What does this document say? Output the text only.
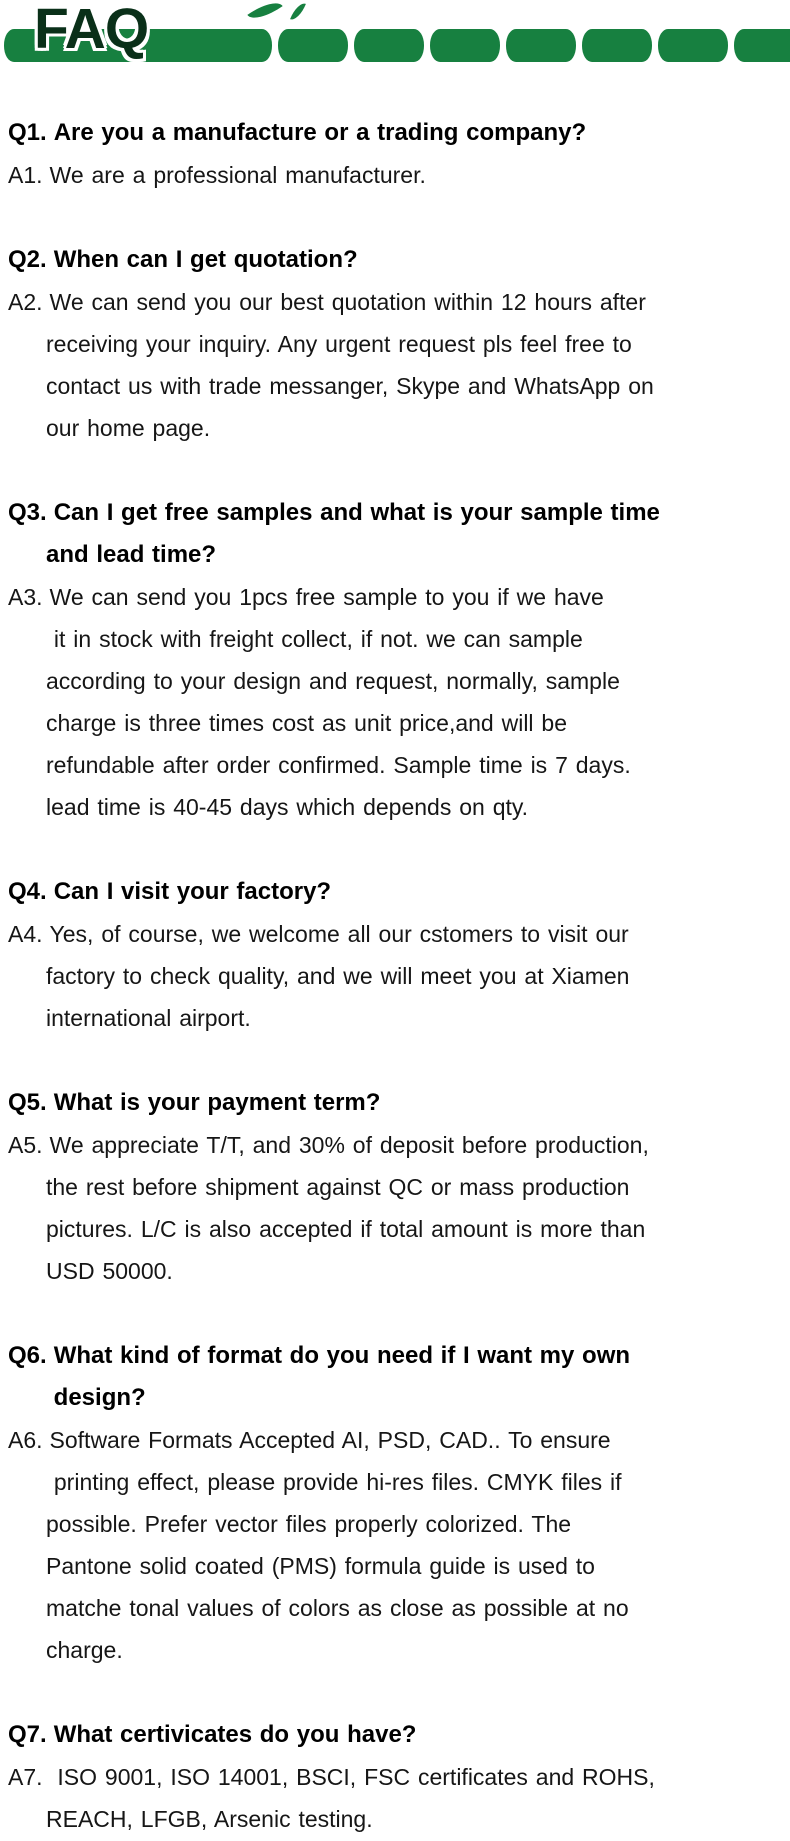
FAQ
Q1. Are you a manufacture or a trading company?
A1. We are a professional manufacturer.
Q2. When can I get quotation?
A2. We can send you our best quotation within 12 hours after
receiving your inquiry. Any urgent request pls feel free to
contact us with trade messanger, Skype and WhatsApp on
our home page.
Q3. Can I get free samples and what is your sample time
and lead time?
A3. We can send you 1pcs free sample to you if we have
it in stock with freight collect, if not. we can sample
according to your design and request, normally, sample
charge is three times cost as unit price,and will be
refundable after order confirmed. Sample time is 7 days.
lead time is 40-45 days which depends on qty.
Q4. Can I visit your factory?
A4. Yes, of course, we welcome all our cstomers to visit our
factory to check quality, and we will meet you at Xiamen
international airport.
Q5. What is your payment term?
A5. We appreciate T/T, and 30% of deposit before production,
the rest before shipment against QC or mass production
pictures. L/C is also accepted if total amount is more than
USD 50000.
Q6. What kind of format do you need if I want my own
design?
A6. Software Formats Accepted AI, PSD, CAD.. To ensure
printing effect, please provide hi-res files. CMYK files if
possible. Prefer vector files properly colorized. The
Pantone solid coated (PMS) formula guide is used to
matche tonal values of colors as close as possible at no
charge.
Q7. What certivicates do you have?
A7. ISO 9001, ISO 14001, BSCI, FSC certificates and ROHS,
REACH, LFGB, Arsenic testing.
